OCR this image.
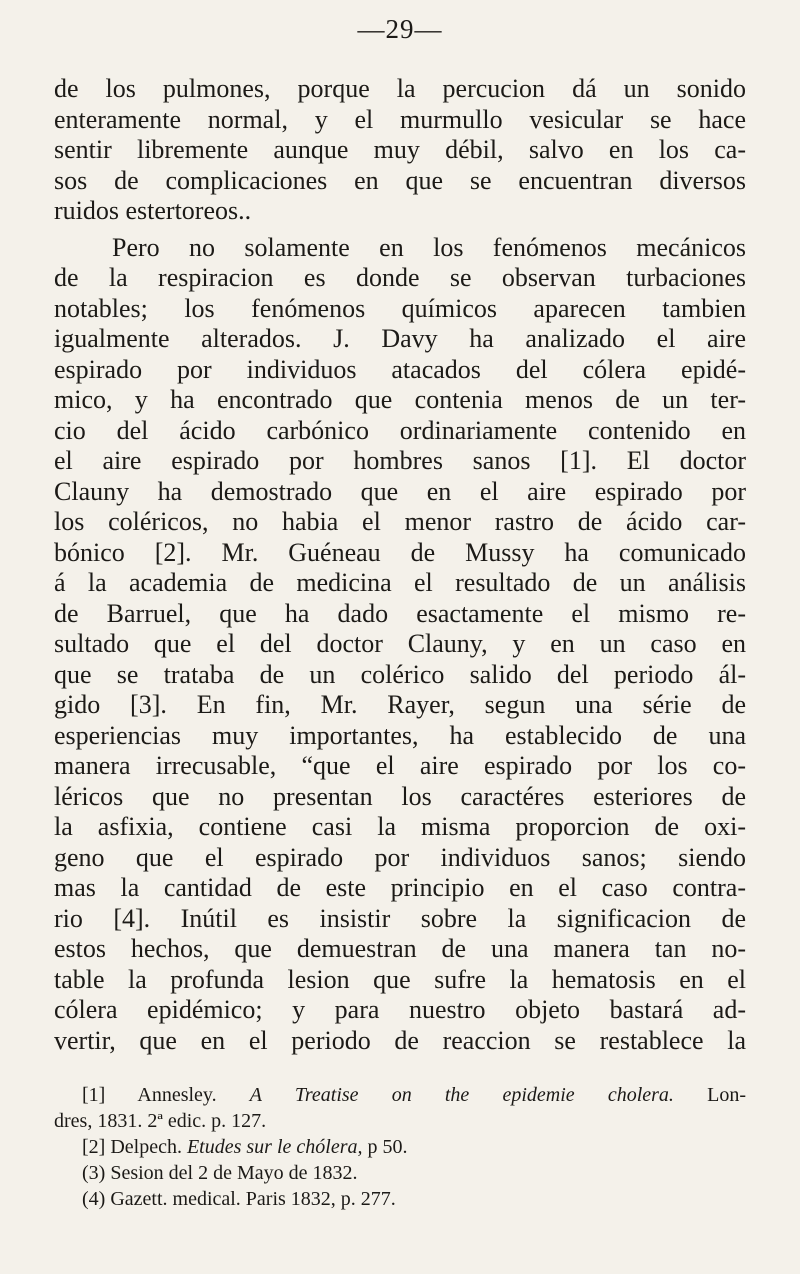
—29—
de los pulmones, porque la percucion dá un sonido
enteramente normal, y el murmullo vesicular se hace
sentir libremente aunque muy débil, salvo en los ca-
sos de complicaciones en que se encuentran diversos
ruidos estertoreos..
Pero no solamente en los fenómenos mecánicos
de la respiracion es donde se observan turbaciones
notables; los fenómenos químicos aparecen tambien
igualmente alterados. J. Davy ha analizado el aire
espirado por individuos atacados del cólera epidé-
mico, y ha encontrado que contenia menos de un ter-
cio del ácido carbónico ordinariamente contenido en
el aire espirado por hombres sanos [1]. El doctor
Clauny ha demostrado que en el aire espirado por
los coléricos, no habia el menor rastro de ácido car-
bónico [2]. Mr. Guéneau de Mussy ha comunicado
á la academia de medicina el resultado de un análisis
de Barruel, que ha dado esactamente el mismo re-
sultado que el del doctor Clauny, y en un caso en
que se trataba de un colérico salido del periodo ál-
gido [3]. En fin, Mr. Rayer, segun una série de
esperiencias muy importantes, ha establecido de una
manera irrecusable, “que el aire espirado por los co-
léricos que no presentan los caractéres esteriores de
la asfixia, contiene casi la misma proporcion de oxi-
geno que el espirado por individuos sanos; siendo
mas la cantidad de este principio en el caso contra-
rio [4]. Inútil es insistir sobre la significacion de
estos hechos, que demuestran de una manera tan no-
table la profunda lesion que sufre la hematosis en el
cólera epidémico; y para nuestro objeto bastará ad-
vertir, que en el periodo de reaccion se restablece la
[1] Annesley. A Treatise on the epidemie cholera. Lon-
dres, 1831. 2ª edic. p. 127.
[2] Delpech. Etudes sur le chólera, p 50.
(3) Sesion del 2 de Mayo de 1832.
(4) Gazett. medical. Paris 1832, p. 277.
